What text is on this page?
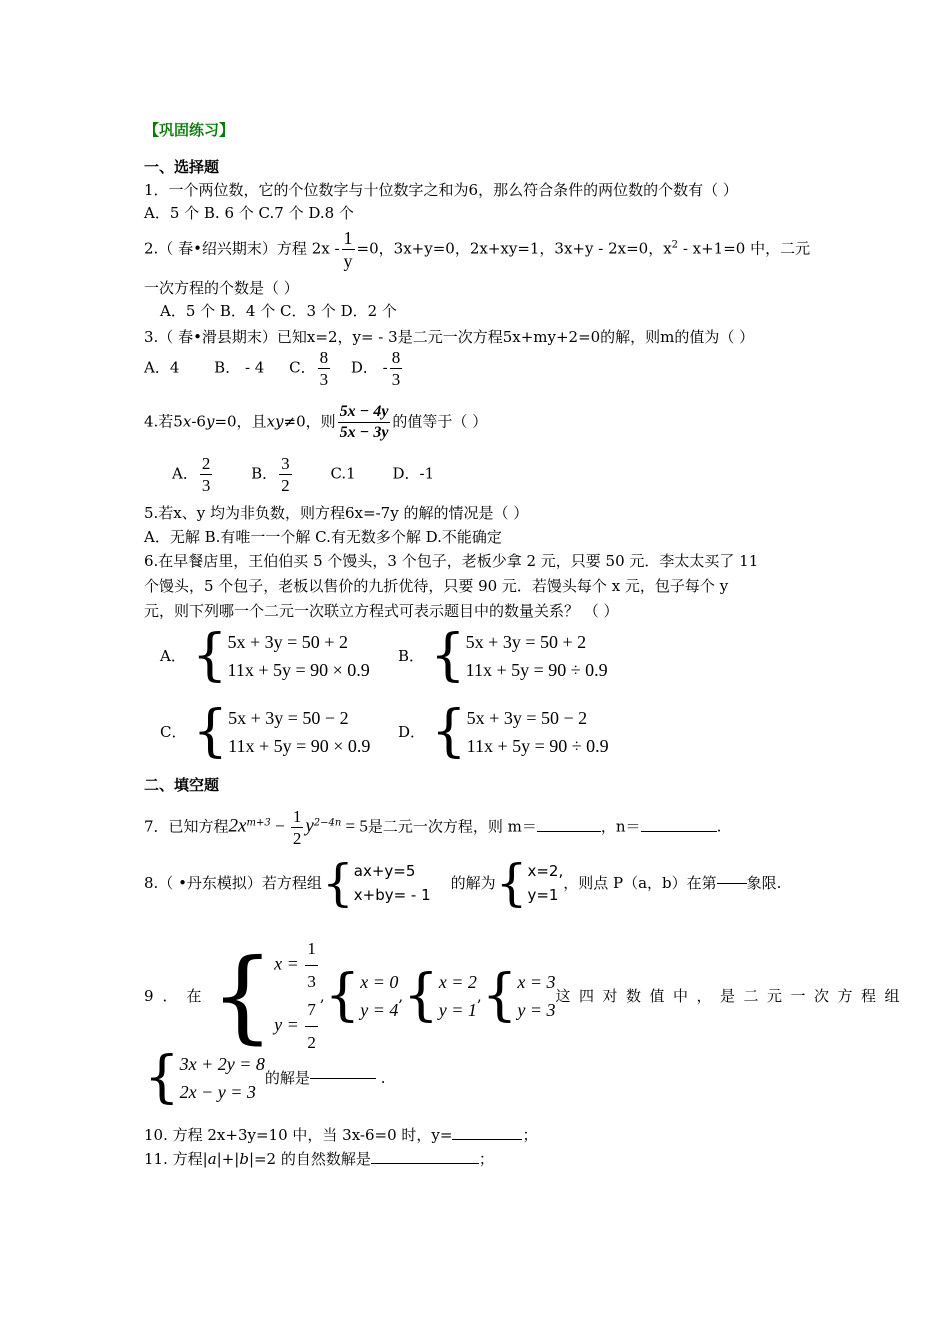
【巩固练习】
一、选择题
1．一个两位数，它的个位数字与十位数字之和为6，那么符合条件的两位数的个数有（ ）
A．5 个 B. 6 个 C.7 个 D.8 个
2.（ 春•绍兴期末）方程 $2x - \frac{1}{y} =0$，3x+y=0，2x+xy=1，3x+y - 2x=0，$x^2 - x+1=0$ 中，二元
一次方程的个数是（ ）
A．5 个 B．4 个 C．3 个 D．2 个
3.（ 春•滑县期末）已知x=2，y= - 3是二元一次方程5x+my+2=0的解，则m的值为（ ）
A．4 B． - 4 C． $\frac{8}{3}$ D． - $\frac{8}{3}$
4.若5x-6y=0，且xy≠0，则 $\frac{5x - 4y}{5x - 3y}$ 的值等于（ ）
A． $\frac{2}{3}$	B． $\frac{3}{2}$	C.1 D．-1
5.若x、y 均为非负数，则方程6x=-7y 的解的情况是（ ）
A．无解 B.有唯一一个解 C.有无数多个解 D.不能确定
6.在早餐店里，王伯伯买 5 个馒头，3 个包子，老板少拿 2 元，只要 50 元．李太太买了 11
个馒头，5 个包子，老板以售价的九折优待，只要 90 元．若馒头每个 x 元，包子每个 y
元，则下列哪一个二元一次联立方程式可表示题目中的数量关系？ （ ）
A． { 5x + 3y = 50 + 2
11x + 5y = 90 × 0.9
B． { 5x + 3y = 50 + 2
11x + 5y = 90 ÷ 0.9
C． { 5x + 3y = 50 − 2
11x + 5y = 90 × 0.9
D． { 5x + 3y = 50 − 2
11x + 5y = 90 ÷ 0.9
二、填空题
7．已知方程$2x^{m+3} - \frac{1}{2} y^{2-4n} = 5$是二元一次方程，则 m＝	，n＝	.
8.（ •丹东模拟）若方程组 { ax+y=5
x+by= - 1
的解为 { x=2,
y=1
，则点 P（a，b）在第 象限.
9．在 { $x = \frac{1}{3}$
$y = \frac{7}{2}$ , { x = 0
y = 4
, { x = 2
y = 1
, { x = 3
y = 3
这四对数值中，是二元一次方程组
{ 3x + 2y = 8
2x − y = 3
的解是	.
10. 方程 2x+3y=10 中，当 3x-6=0 时，y=	；
11. 方程|a|+|b|=2 的自然数解是	；
